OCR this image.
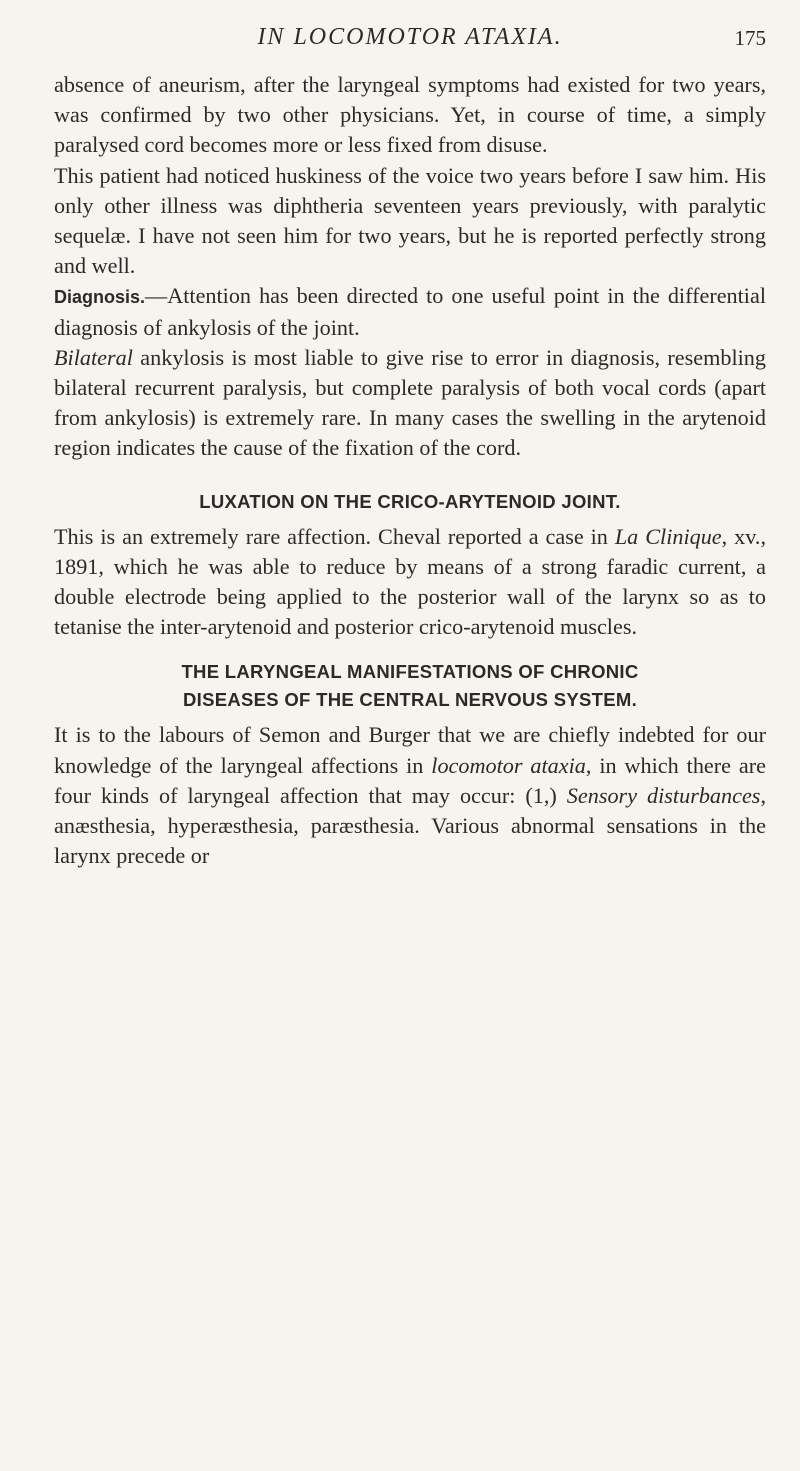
IN LOCOMOTOR ATAXIA.	175

absence of aneurism, after the laryngeal symptoms had existed for two years, was confirmed by two other physicians. Yet, in course of time, a simply paralysed cord becomes more or less fixed from disuse.

This patient had noticed huskiness of the voice two years before I saw him. His only other illness was diphtheria seventeen years previously, with paralytic sequelæ. I have not seen him for two years, but he is reported perfectly strong and well.

Diagnosis.—Attention has been directed to one useful point in the differential diagnosis of ankylosis of the joint.

Bilateral ankylosis is most liable to give rise to error in diagnosis, resembling bilateral recurrent paralysis, but complete paralysis of both vocal cords (apart from ankylosis) is extremely rare. In many cases the swelling in the arytenoid region indicates the cause of the fixation of the cord.

LUXATION ON THE CRICO-ARYTENOID JOINT.

This is an extremely rare affection. Cheval reported a case in La Clinique, xv., 1891, which he was able to reduce by means of a strong faradic current, a double electrode being applied to the posterior wall of the larynx so as to tetanise the inter-arytenoid and posterior crico-arytenoid muscles.

THE LARYNGEAL MANIFESTATIONS OF CHRONIC
DISEASES OF THE CENTRAL NERVOUS SYSTEM.

It is to the labours of Semon and Burger that we are chiefly indebted for our knowledge of the laryngeal affections in locomotor ataxia, in which there are four kinds of laryngeal affection that may occur: (1,) Sensory disturbances, anæsthesia, hyperæsthesia, paræsthesia. Various abnormal sensations in the larynx precede or
